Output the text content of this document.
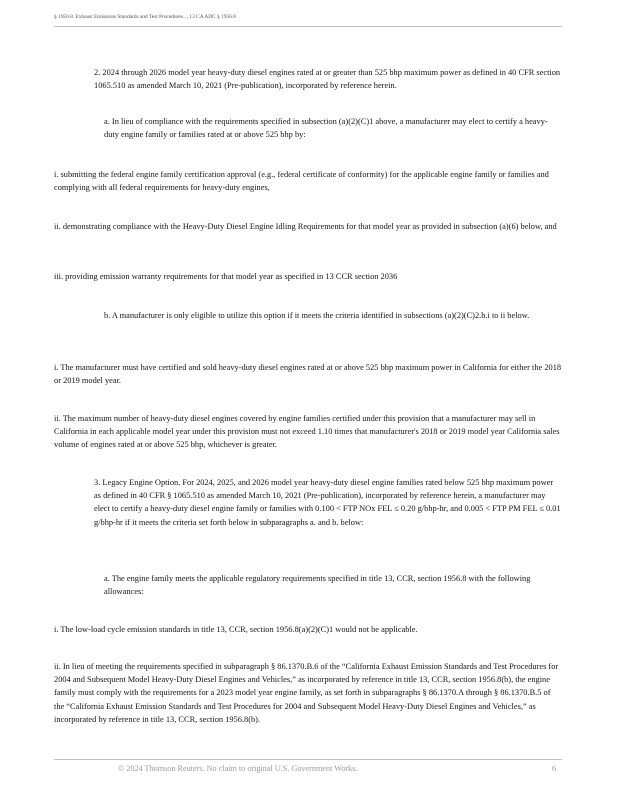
§ 1956.8. Exhaust Emissions Standards and Test Procedures..., 13 CA ADC § 1956.8

2. 2024 through 2026 model year heavy-duty diesel engines rated at or greater than 525 bhp maximum power as defined in 40 CFR section 1065.510 as amended March 10, 2021 (Pre-publication), incorporated by reference herein.

a. In lieu of compliance with the requirements specified in subsection (a)(2)(C)1 above, a manufacturer may elect to certify a heavy-duty engine family or families rated at or above 525 bhp by:

i. submitting the federal engine family certification approval (e.g., federal certificate of conformity) for the applicable engine family or families and complying with all federal requirements for heavy-duty engines,

ii. demonstrating compliance with the Heavy-Duty Diesel Engine Idling Requirements for that model year as provided in subsection (a)(6) below, and

iii. providing emission warranty requirements for that model year as specified in 13 CCR section 2036

b. A manufacturer is only eligible to utilize this option if it meets the criteria identified in subsections (a)(2)(C)2.b.i to ii below.

i. The manufacturer must have certified and sold heavy-duty diesel engines rated at or above 525 bhp maximum power in California for either the 2018 or 2019 model year.

ii. The maximum number of heavy-duty diesel engines covered by engine families certified under this provision that a manufacturer may sell in California in each applicable model year under this provision must not exceed 1.10 times that manufacturer's 2018 or 2019 model year California sales volume of engines rated at or above 525 bhp, whichever is greater.

3. Legacy Engine Option. For 2024, 2025, and 2026 model year heavy-duty diesel engine families rated below 525 bhp maximum power as defined in 40 CFR § 1065.510 as amended March 10, 2021 (Pre-publication), incorporated by reference herein, a manufacturer may elect to certify a heavy-duty diesel engine family or families with 0.100 < FTP NOx FEL ≤ 0.20 g/bhp-hr, and 0.005 < FTP PM FEL ≤ 0.01 g/bhp-hr if it meets the criteria set forth below in subparagraphs a. and b. below:

a. The engine family meets the applicable regulatory requirements specified in title 13, CCR, section 1956.8 with the following allowances:

i. The low-load cycle emission standards in title 13, CCR, section 1956.8(a)(2)(C)1 would not be applicable.

ii. In lieu of meeting the requirements specified in subparagraph § 86.1370.B.6 of the “California Exhaust Emission Standards and Test Procedures for 2004 and Subsequent Model Heavy-Duty Diesel Engines and Vehicles,” as incorporated by reference in title 13, CCR, section 1956.8(b), the engine family must comply with the requirements for a 2023 model year engine family, as set forth in subparagraphs § 86.1370.A through § 86.1370.B.5 of the “California Exhaust Emission Standards and Test Procedures for 2004 and Subsequent Model Heavy-Duty Diesel Engines and Vehicles,” as incorporated by reference in title 13, CCR, section 1956.8(b).

© 2024 Thomson Reuters. No claim to original U.S. Government Works.	6
